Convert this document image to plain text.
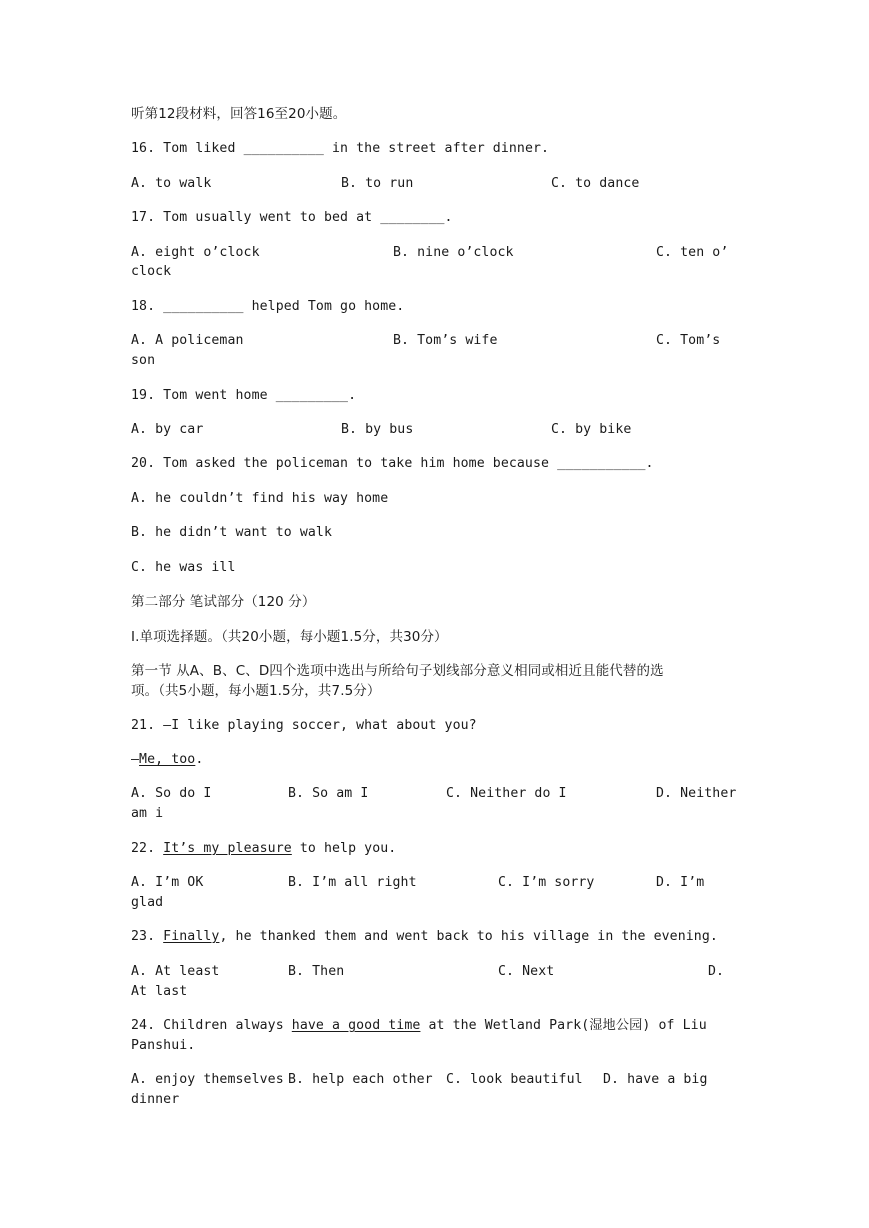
听第12段材料，回答16至20小题。
16. Tom liked __________ in the street after dinner.
A. to walk	B. to run	C. to dance
17. Tom usually went to bed at ________.
A. eight o’clock	B. nine o’clock	C. ten o’
clock
18. __________ helped Tom go home.
A. A policeman	B. Tom’s wife	C. Tom’s
son
19. Tom went home _________.
A. by car	B. by bus	C. by bike
20. Tom asked the policeman to take him home because ___________.
A. he couldn’t find his way home
B. he didn’t want to walk
C. he was ill
第二部分 笔试部分（120 分）
Ⅰ.单项选择题。（共20小题，每小题1.5分，共30分）
第一节 从A、B、C、D四个选项中选出与所给句子划线部分意义相同或相近且能代替的选
项。（共5小题，每小题1.5分，共7.5分）
21. —I like playing soccer, what about you?
—Me, too.
A. So do I	B. So am I	C. Neither do I	D. Neither
am i
22. It’s my pleasure to help you.
A. I’m OK	B. I’m all right	C. I’m sorry	D. I’m
glad
23. Finally, he thanked them and went back to his village in the evening.
A. At least	B. Then	C. Next	D.
At last
24. Children always have a good time at the Wetland Park(湿地公园) of Liu
Panshui.
A. enjoy themselves B. help each other C. look beautiful D. have a big
dinner
